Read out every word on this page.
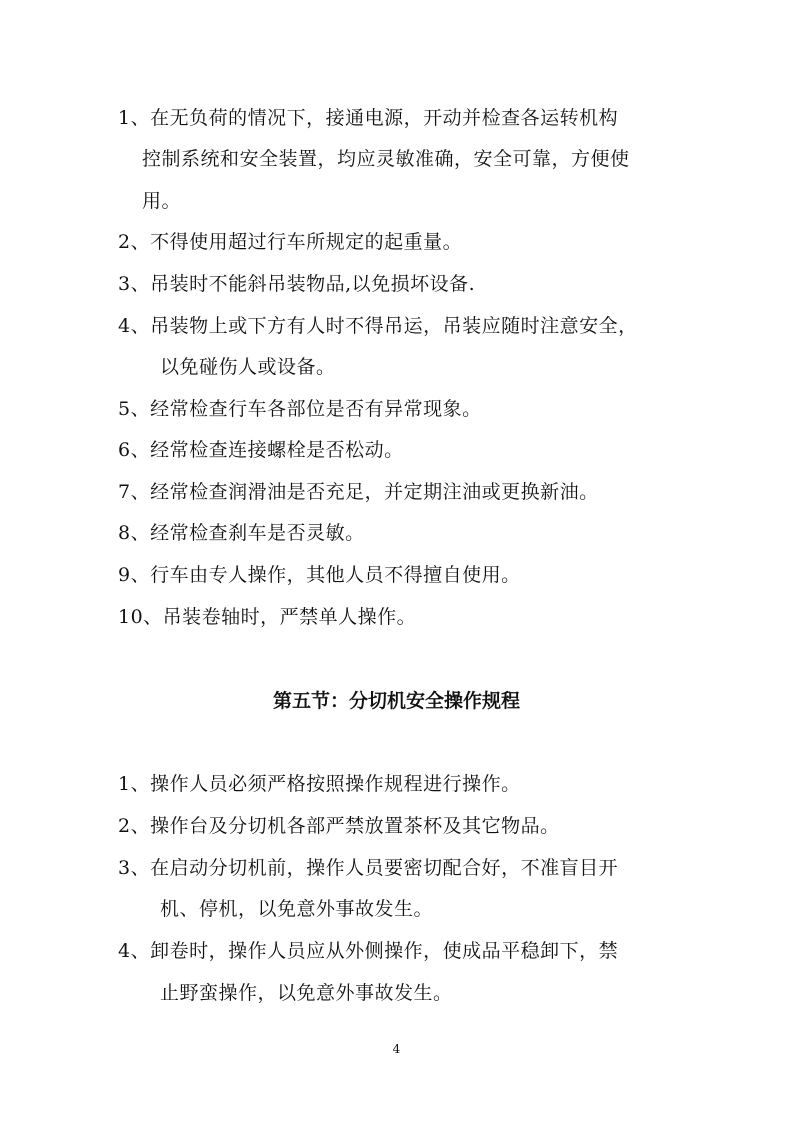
1、在无负荷的情况下，接通电源，开动并检查各运转机构
控制系统和安全装置，均应灵敏准确，安全可靠，方便使
用。
2、不得使用超过行车所规定的起重量。
3、吊装时不能斜吊装物品,以免损坏设备.
4、吊装物上或下方有人时不得吊运，吊装应随时注意安全，
以免碰伤人或设备。
5、经常检查行车各部位是否有异常现象。
6、经常检查连接螺栓是否松动。
7、经常检查润滑油是否充足，并定期注油或更换新油。
8、经常检查刹车是否灵敏。
9、行车由专人操作，其他人员不得擅自使用。
10、吊装卷轴时，严禁单人操作。
第五节：分切机安全操作规程
1、操作人员必须严格按照操作规程进行操作。
2、操作台及分切机各部严禁放置茶杯及其它物品。
3、在启动分切机前，操作人员要密切配合好，不准盲目开
机、停机，以免意外事故发生。
4、卸卷时，操作人员应从外侧操作，使成品平稳卸下，禁
止野蛮操作，以免意外事故发生。
4
